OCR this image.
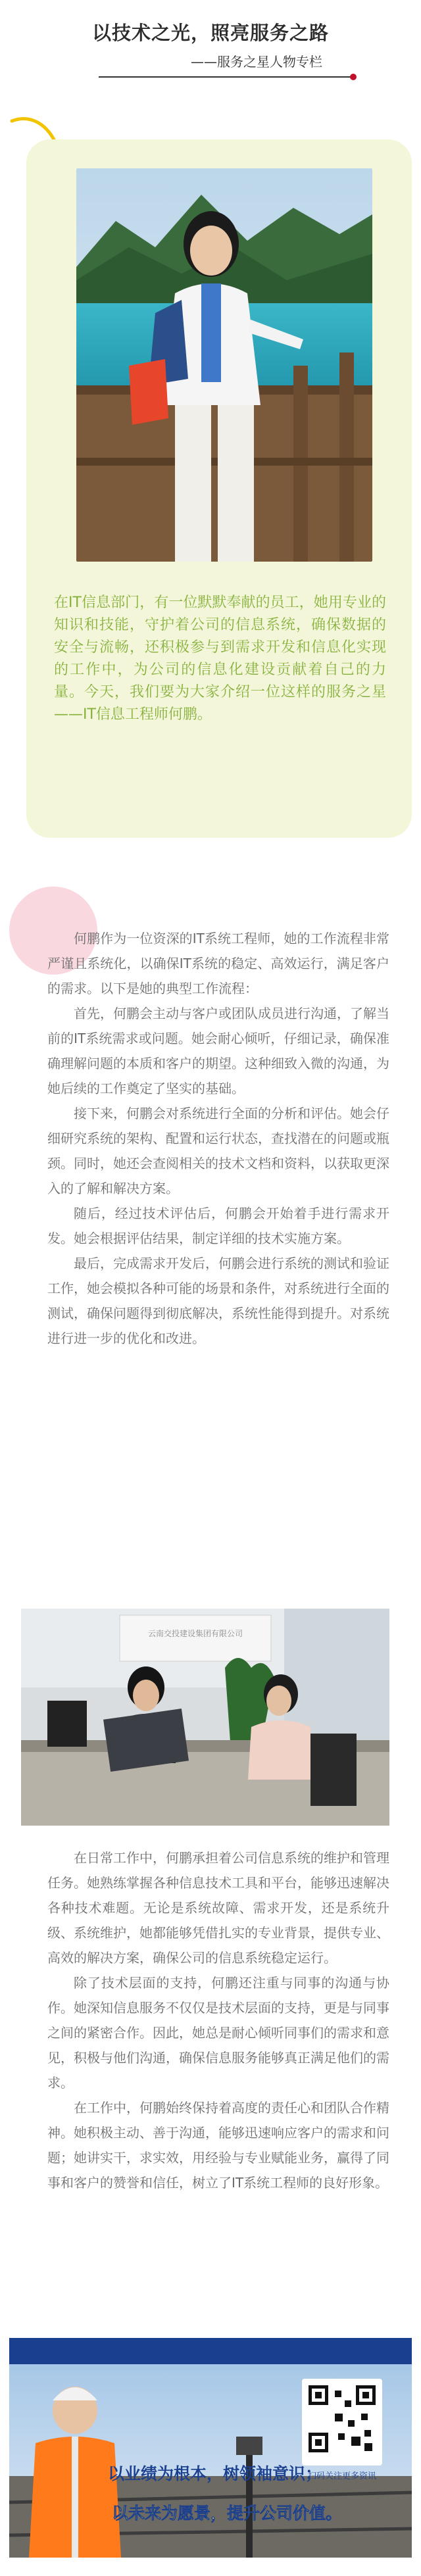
以技术之光，照亮服务之路
——服务之星人物专栏
在IT信息部门，有一位默默奉献的员工，她用专业的知识和技能，守护着公司的信息系统，确保数据的安全与流畅，还积极参与到需求开发和信息化实现的工作中，为公司的信息化建设贡献着自己的力量。今天，我们要为大家介绍一位这样的服务之星——IT信息工程师何鹏。

何鹏作为一位资深的IT系统工程师，她的工作流程非常严谨且系统化，以确保IT系统的稳定、高效运行，满足客户的需求。以下是她的典型工作流程：

首先，何鹏会主动与客户或团队成员进行沟通，了解当前的IT系统需求或问题。她会耐心倾听，仔细记录，确保准确理解问题的本质和客户的期望。这种细致入微的沟通，为她后续的工作奠定了坚实的基础。

接下来，何鹏会对系统进行全面的分析和评估。她会仔细研究系统的架构、配置和运行状态，查找潜在的问题或瓶颈。同时，她还会查阅相关的技术文档和资料，以获取更深入的了解和解决方案。

随后，经过技术评估后，何鹏会开始着手进行需求开发。她会根据评估结果，制定详细的技术实施方案。

最后，完成需求开发后，何鹏会进行系统的测试和验证工作，她会模拟各种可能的场景和条件，对系统进行全面的测试，确保问题得到彻底解决，系统性能得到提升。对系统进行进一步的优化和改进。

云南交投建设集团有限公司

在日常工作中，何鹏承担着公司信息系统的维护和管理任务。她熟练掌握各种信息技术工具和平台，能够迅速解决各种技术难题。无论是系统故障、需求开发，还是系统升级、系统维护，她都能够凭借扎实的专业背景，提供专业、高效的解决方案，确保公司的信息系统稳定运行。

除了技术层面的支持，何鹏还注重与同事的沟通与协作。她深知信息服务不仅仅是技术层面的支持，更是与同事之间的紧密合作。因此，她总是耐心倾听同事们的需求和意见，积极与他们沟通，确保信息服务能够真正满足他们的需求。

在工作中，何鹏始终保持着高度的责任心和团队合作精神。她积极主动、善于沟通，能够迅速响应客户的需求和问题；她讲实干，求实效，用经验与专业赋能业务，赢得了同事和客户的赞誉和信任，树立了IT系统工程师的良好形象。

扫码关注更多资讯
以业绩为根本，树领袖意识；
以未来为愿景，提升公司价值。
